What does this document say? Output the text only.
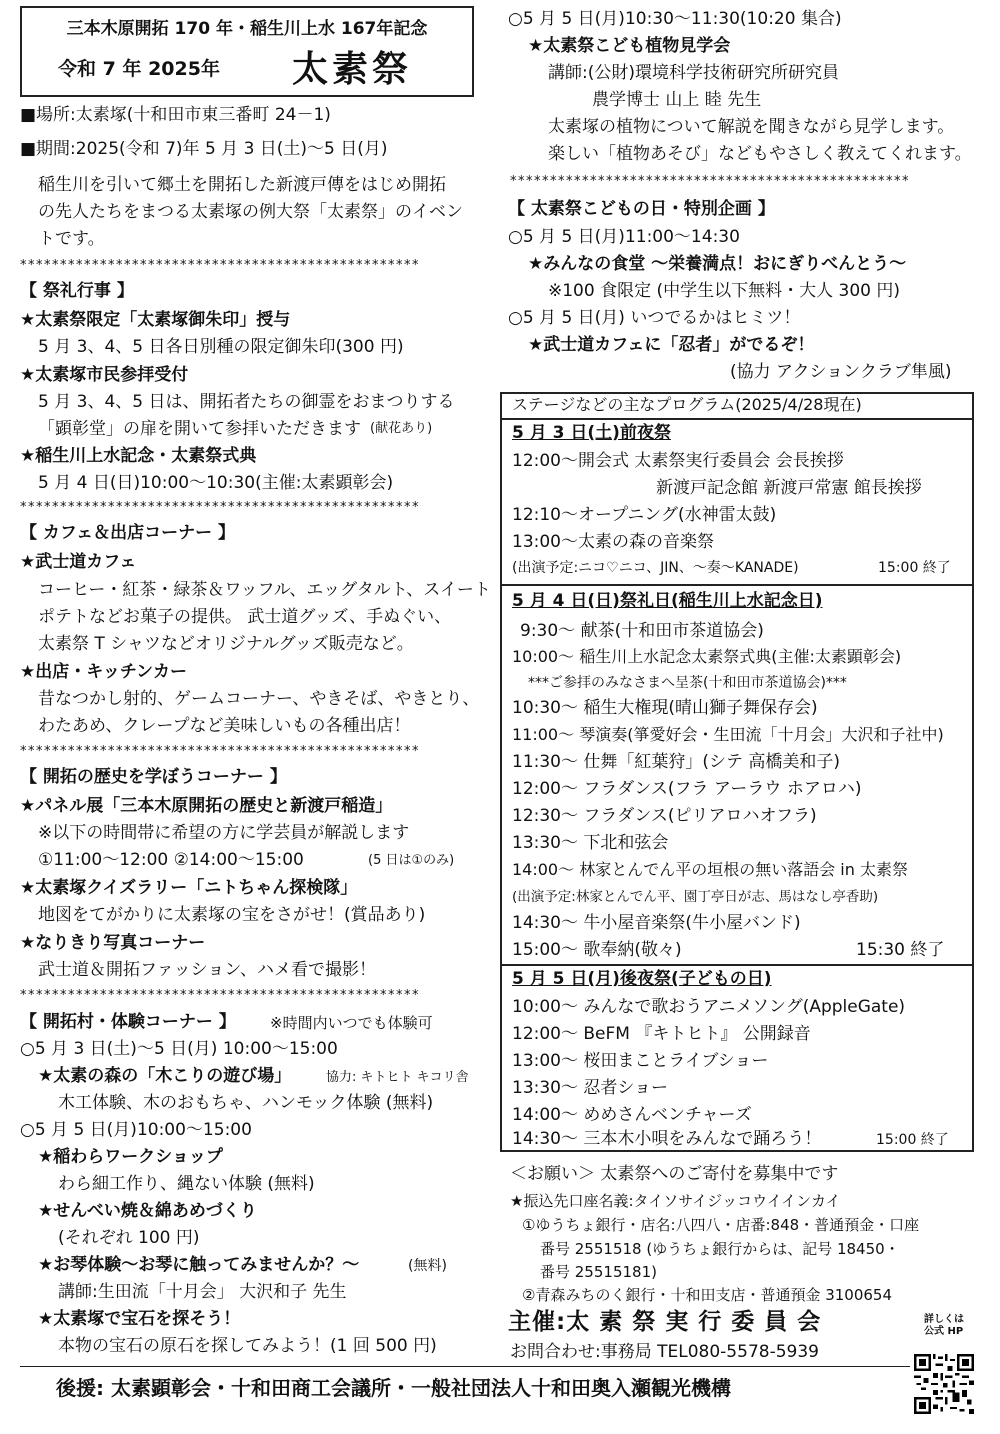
三本木原開拓 170 年・稲生川上水 167年記念
令和 7 年 2025年 太素祭
■場所:太素塚(十和田市東三番町 24－1)
■期間:2025(令和 7)年 5 月 3 日(土)～5 日(月)
稲生川を引いて郷土を開拓した新渡戸傳をはじめ開拓
の先人たちをまつる太素塚の例大祭「太素祭」のイベン
トです。
**************************************************
【 祭礼行事 】
★太素祭限定「太素塚御朱印」授与
5 月 3、4、5 日各日別種の限定御朱印(300 円)
★太素塚市民参拝受付
5 月 3、4、5 日は、開拓者たちの御霊をおまつりする
「顕彰堂」の扉を開いて参拝いただきます (献花あり)
★稲生川上水記念・太素祭式典
5 月 4 日(日)10:00～10:30(主催:太素顕彰会)
**************************************************
【 カフェ＆出店コーナー 】
★武士道カフェ
コーヒー・紅茶・緑茶＆ワッフル、エッグタルト、スイート
ポテトなどお菓子の提供。 武士道グッズ、手ぬぐい、
太素祭 T シャツなどオリジナルグッズ販売など。
★出店・キッチンカー
昔なつかし射的、ゲームコーナー、やきそば、やきとり、
わたあめ、クレープなど美味しいもの各種出店！
**************************************************
【 開拓の歴史を学ぼうコーナー 】
★パネル展「三本木原開拓の歴史と新渡戸稲造」
※以下の時間帯に希望の方に学芸員が解説します
①11:00～12:00 ②14:00～15:00	(5 日は①のみ)
★太素塚クイズラリー「ニトちゃん探検隊」
地図をてがかりに太素塚の宝をさがせ！(賞品あり)
★なりきり写真コーナー
武士道＆開拓ファッション、ハメ看で撮影！
**************************************************
【 開拓村・体験コーナー 】 ※時間内いつでも体験可
○5 月 3 日(土)～5 日(月) 10:00～15:00
★太素の森の「木こりの遊び場」	協力: キトヒト キコリ舎
木工体験、木のおもちゃ、ハンモック体験 (無料)
○5 月 5 日(月)10:00～15:00
★稲わらワークショップ
わら細工作り、縄ない体験 (無料)
★せんべい焼＆綿あめづくり
(それぞれ 100 円)
★お琴体験～お琴に触ってみませんか？～	(無料)
講師:生田流「十月会」 大沢和子 先生
★太素塚で宝石を探そう！
本物の宝石の原石を探してみよう！(1 回 500 円)
○5 月 5 日(月)10:30～11:30(10:20 集合)
★太素祭こども植物見学会
講師:(公財)環境科学技術研究所研究員
農学博士 山上 睦 先生
太素塚の植物について解説を聞きながら見学します。
楽しい「植物あそび」などもやさしく教えてくれます。
**************************************************
【 太素祭こどもの日・特別企画 】
○5 月 5 日(月)11:00～14:30
★みんなの食堂 ～栄養満点！おにぎりべんとう～
※100 食限定 (中学生以下無料・大人 300 円)
○5 月 5 日(月) いつでるかはヒミツ！
★武士道カフェに「忍者」がでるぞ！
(協力 アクションクラブ隼風)
ステージなどの主なプログラム(2025/4/28現在)
5 月 3 日(土)前夜祭
12:00～開会式 太素祭実行委員会 会長挨拶
新渡戸記念館 新渡戸常憲 館長挨拶
12:10～オープニング(水神雷太鼓)
13:00～太素の森の音楽祭
(出演予定:ニコ♡ニコ、JIN、～奏～KANADE)	15:00 終了
5 月 4 日(日)祭礼日(稲生川上水記念日)
9:30～ 献茶(十和田市茶道協会)
10:00～ 稲生川上水記念太素祭式典(主催:太素顕彰会)
***ご参拝のみなさまへ呈茶(十和田市茶道協会)***
10:30～ 稲生大権現(晴山獅子舞保存会)
11:00～ 琴演奏(箏愛好会・生田流「十月会」大沢和子社中)
11:30～ 仕舞「紅葉狩」(シテ 高橋美和子)
12:00～ フラダンス(フラ アーラウ ホアロハ)
12:30～ フラダンス(ピリアロハオフラ)
13:30～ 下北和弦会
14:00～ 林家とんでん平の垣根の無い落語会 in 太素祭
(出演予定:林家とんでん平、園丁亭日が志、馬はなし亭香助)
14:30～ 牛小屋音楽祭(牛小屋バンド)
15:00～ 歌奉納(敬々)	15:30 終了
5 月 5 日(月)後夜祭(子どもの日)
10:00～ みんなで歌おうアニメソング(AppleGate)
12:00～ BeFM 『キトヒト』 公開録音
13:00～ 桜田まことライブショー
13:30～ 忍者ショー
14:00～ めめさんベンチャーズ
14:30～ 三本木小唄をみんなで踊ろう！	15:00 終了
＜お願い＞ 太素祭へのご寄付を募集中です
★振込先口座名義:タイソサイジッコウイインカイ
①ゆうちょ銀行・店名:八四八・店番:848・普通預金・口座
番号 2551518 (ゆうちょ銀行からは、記号 18450・
番号 25515181)
②青森みちのく銀行・十和田支店・普通預金 3100654
主催:太 素 祭 実 行 委 員 会
お問合わせ:事務局 TEL080-5578-5939
詳しくは
公式 HP
後援: 太素顕彰会・十和田商工会議所・一般社団法人十和田奥入瀬観光機構
